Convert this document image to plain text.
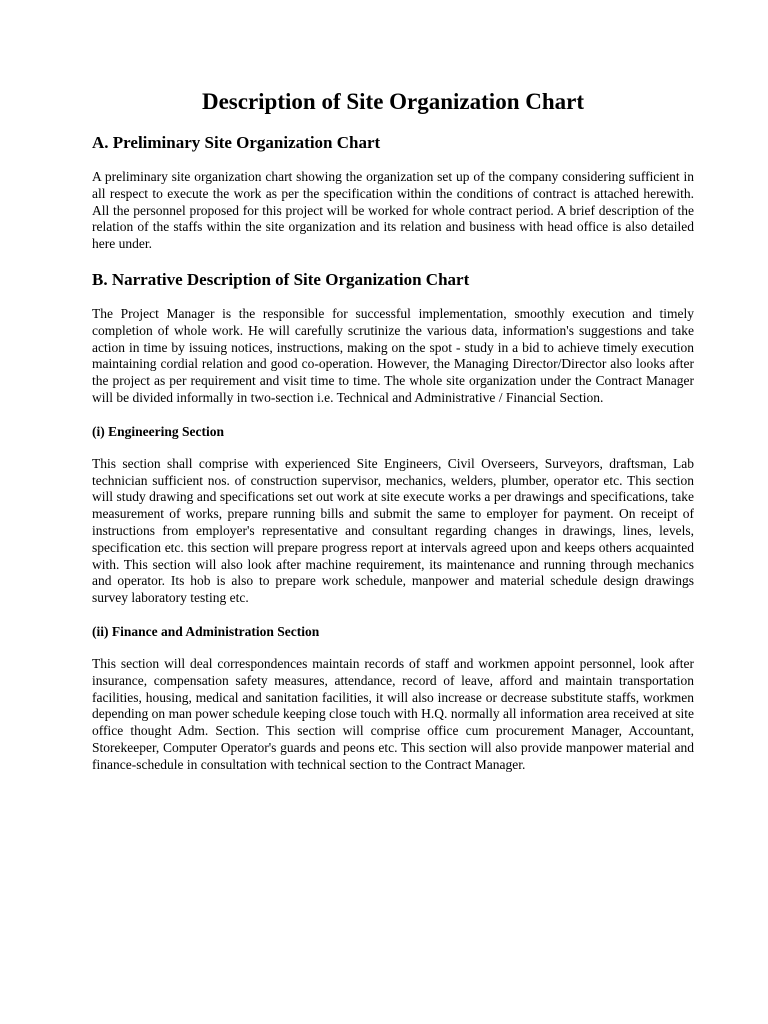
Description of Site Organization Chart
A. Preliminary Site Organization Chart

A preliminary site organization chart showing the organization set up of the company considering sufficient in all respect to execute the work as per the specification within the conditions of contract is attached herewith. All the personnel proposed for this project will be worked for whole contract period. A brief description of the relation of the staffs within the site organization and its relation and business with head office is also detailed here under.

B. Narrative Description of Site Organization Chart

The Project Manager is the responsible for successful implementation, smoothly execution and timely completion of whole work. He will carefully scrutinize the various data, information's suggestions and take action in time by issuing notices, instructions, making on the spot - study in a bid to achieve timely execution maintaining cordial relation and good co-operation. However, the Managing Director/Director also looks after the project as per requirement and visit time to time. The whole site organization under the Contract Manager will be divided informally in two-section i.e. Technical and Administrative / Financial Section.

(i) Engineering Section

This section shall comprise with experienced Site Engineers, Civil Overseers, Surveyors, draftsman, Lab technician sufficient nos. of construction supervisor, mechanics, welders, plumber, operator etc. This section will study drawing and specifications set out work at site execute works a per drawings and specifications, take measurement of works, prepare running bills and submit the same to employer for payment. On receipt of instructions from employer's representative and consultant regarding changes in drawings, lines, levels, specification etc. this section will prepare progress report at intervals agreed upon and keeps others acquainted with. This section will also look after machine requirement, its maintenance and running through mechanics and operator. Its hob is also to prepare work schedule, manpower and material schedule design drawings survey laboratory testing etc.

(ii) Finance and Administration Section

This section will deal correspondences maintain records of staff and workmen appoint personnel, look after insurance, compensation safety measures, attendance, record of leave, afford and maintain transportation facilities, housing, medical and sanitation facilities, it will also increase or decrease substitute staffs, workmen depending on man power schedule keeping close touch with H.Q. normally all information area received at site office thought Adm. Section. This section will comprise office cum procurement Manager, Accountant, Storekeeper, Computer Operator's guards and peons etc. This section will also provide manpower material and finance-schedule in consultation with technical section to the Contract Manager.
